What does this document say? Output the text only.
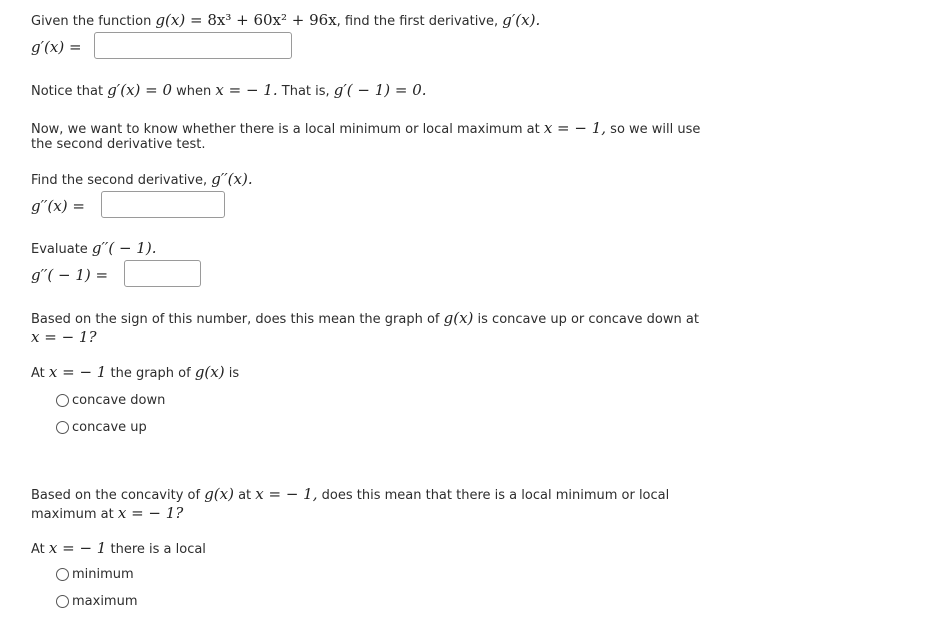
Given the function g(x) = 8x³ + 60x² + 96x, find the first derivative, g′(x).
g′(x) =
Notice that g′(x) = 0 when x = − 1. That is, g′( − 1) = 0.
Now, we want to know whether there is a local minimum or local maximum at x = − 1, so we will use
the second derivative test.
Find the second derivative, g′′(x).
g′′(x) =
Evaluate g′′( − 1).
g′′( − 1) =
Based on the sign of this number, does this mean the graph of g(x) is concave up or concave down at
x = − 1?
At x = − 1 the graph of g(x) is
concave down
concave up
Based on the concavity of g(x) at x = − 1, does this mean that there is a local minimum or local
maximum at x = − 1?
At x = − 1 there is a local
minimum
maximum
